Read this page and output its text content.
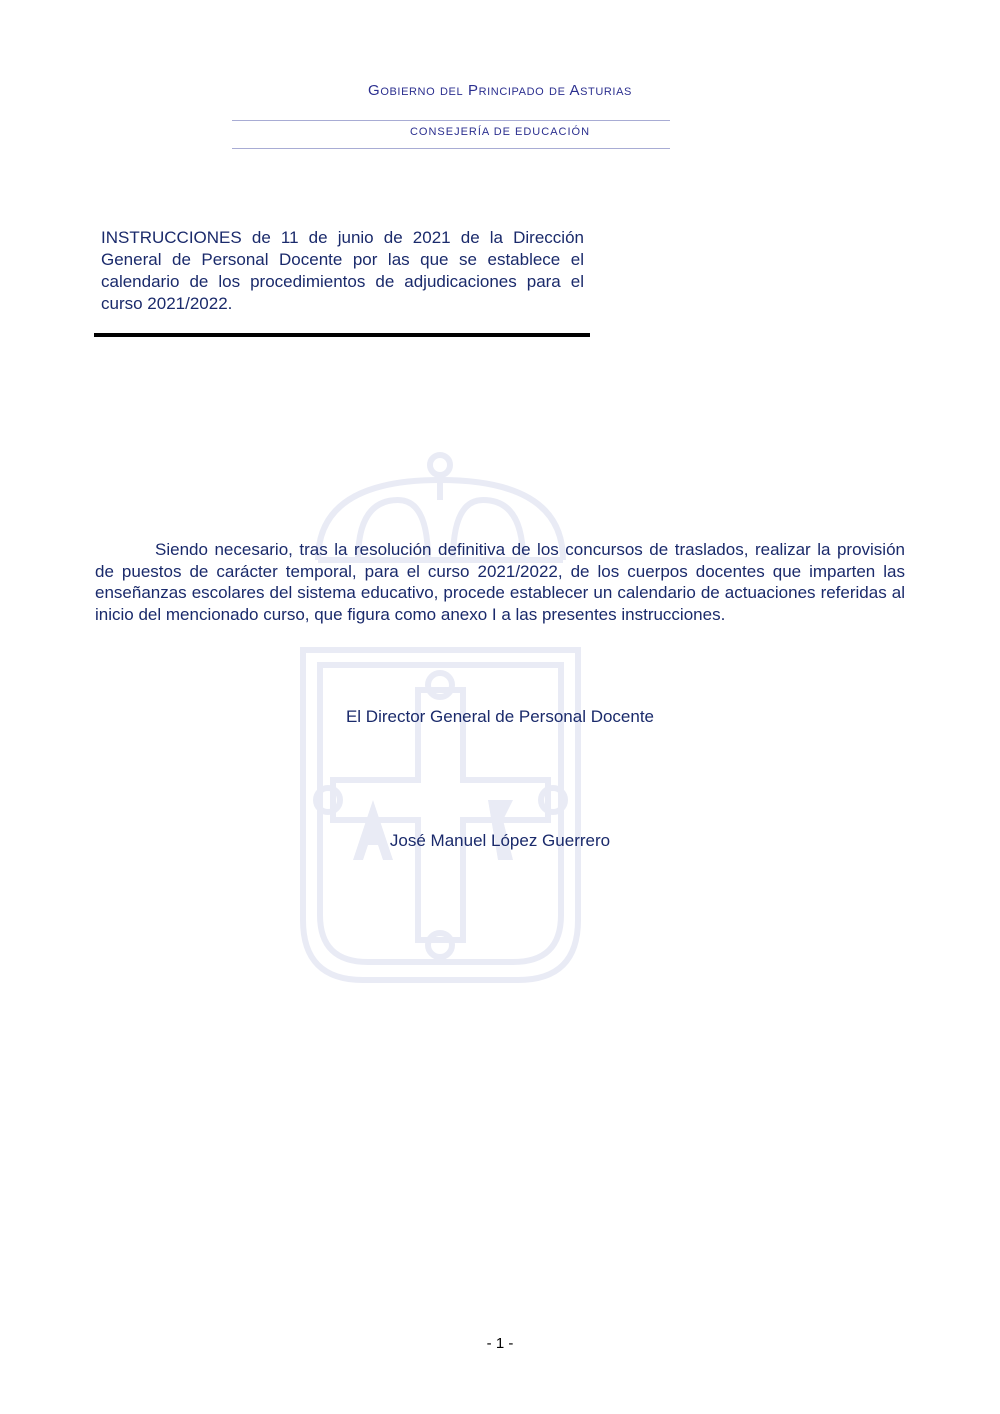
Gobierno del Principado de Asturias
CONSEJERÍA DE EDUCACIÓN
INSTRUCCIONES de 11 de junio de 2021 de la Dirección General de Personal Docente por las que se establece el calendario de los procedimientos de adjudicaciones para el curso 2021/2022.
Siendo necesario, tras la resolución definitiva de los concursos de traslados, realizar la provisión de puestos de carácter temporal, para el curso 2021/2022, de los cuerpos docentes que imparten las enseñanzas escolares del sistema educativo, procede establecer un calendario de actuaciones referidas al inicio del mencionado curso, que figura como anexo I a las presentes instrucciones.
El Director General de Personal Docente
José Manuel López Guerrero
- 1 -
